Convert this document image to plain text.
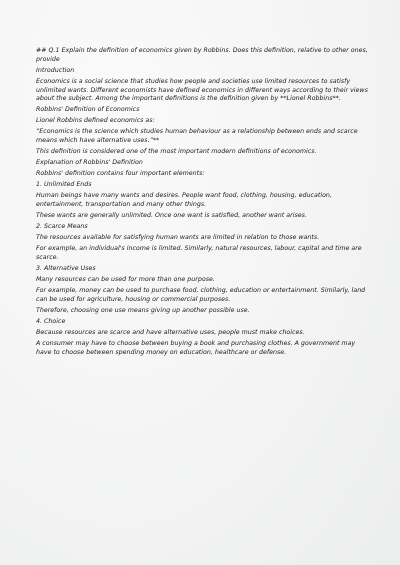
## Q.1 Explain the definition of economics given by Robbins. Does this definition, relative to other ones, provide

Introduction

Economics is a social science that studies how people and societies use limited resources to satisfy unlimited wants. Different economists have defined economics in different ways according to their views about the subject. Among the important definitions is the definition given by **Lionel Robbins**.

Robbins' Definition of Economics

Lionel Robbins defined economics as:

“Economics is the science which studies human behaviour as a relationship between ends and scarce means which have alternative uses.”**

This definition is considered one of the most important modern definitions of economics.

Explanation of Robbins' Definition

Robbins' definition contains four important elements:

1. Unlimited Ends

Human beings have many wants and desires. People want food, clothing, housing, education, entertainment, transportation and many other things.

These wants are generally unlimited. Once one want is satisfied, another want arises.

2. Scarce Means

The resources available for satisfying human wants are limited in relation to those wants.

For example, an individual's income is limited. Similarly, natural resources, labour, capital and time are scarce.

3. Alternative Uses

Many resources can be used for more than one purpose.

For example, money can be used to purchase food, clothing, education or entertainment. Similarly, land can be used for agriculture, housing or commercial purposes.

Therefore, choosing one use means giving up another possible use.

4. Choice

Because resources are scarce and have alternative uses, people must make choices.

A consumer may have to choose between buying a book and purchasing clothes. A government may have to choose between spending money on education, healthcare or defense.
